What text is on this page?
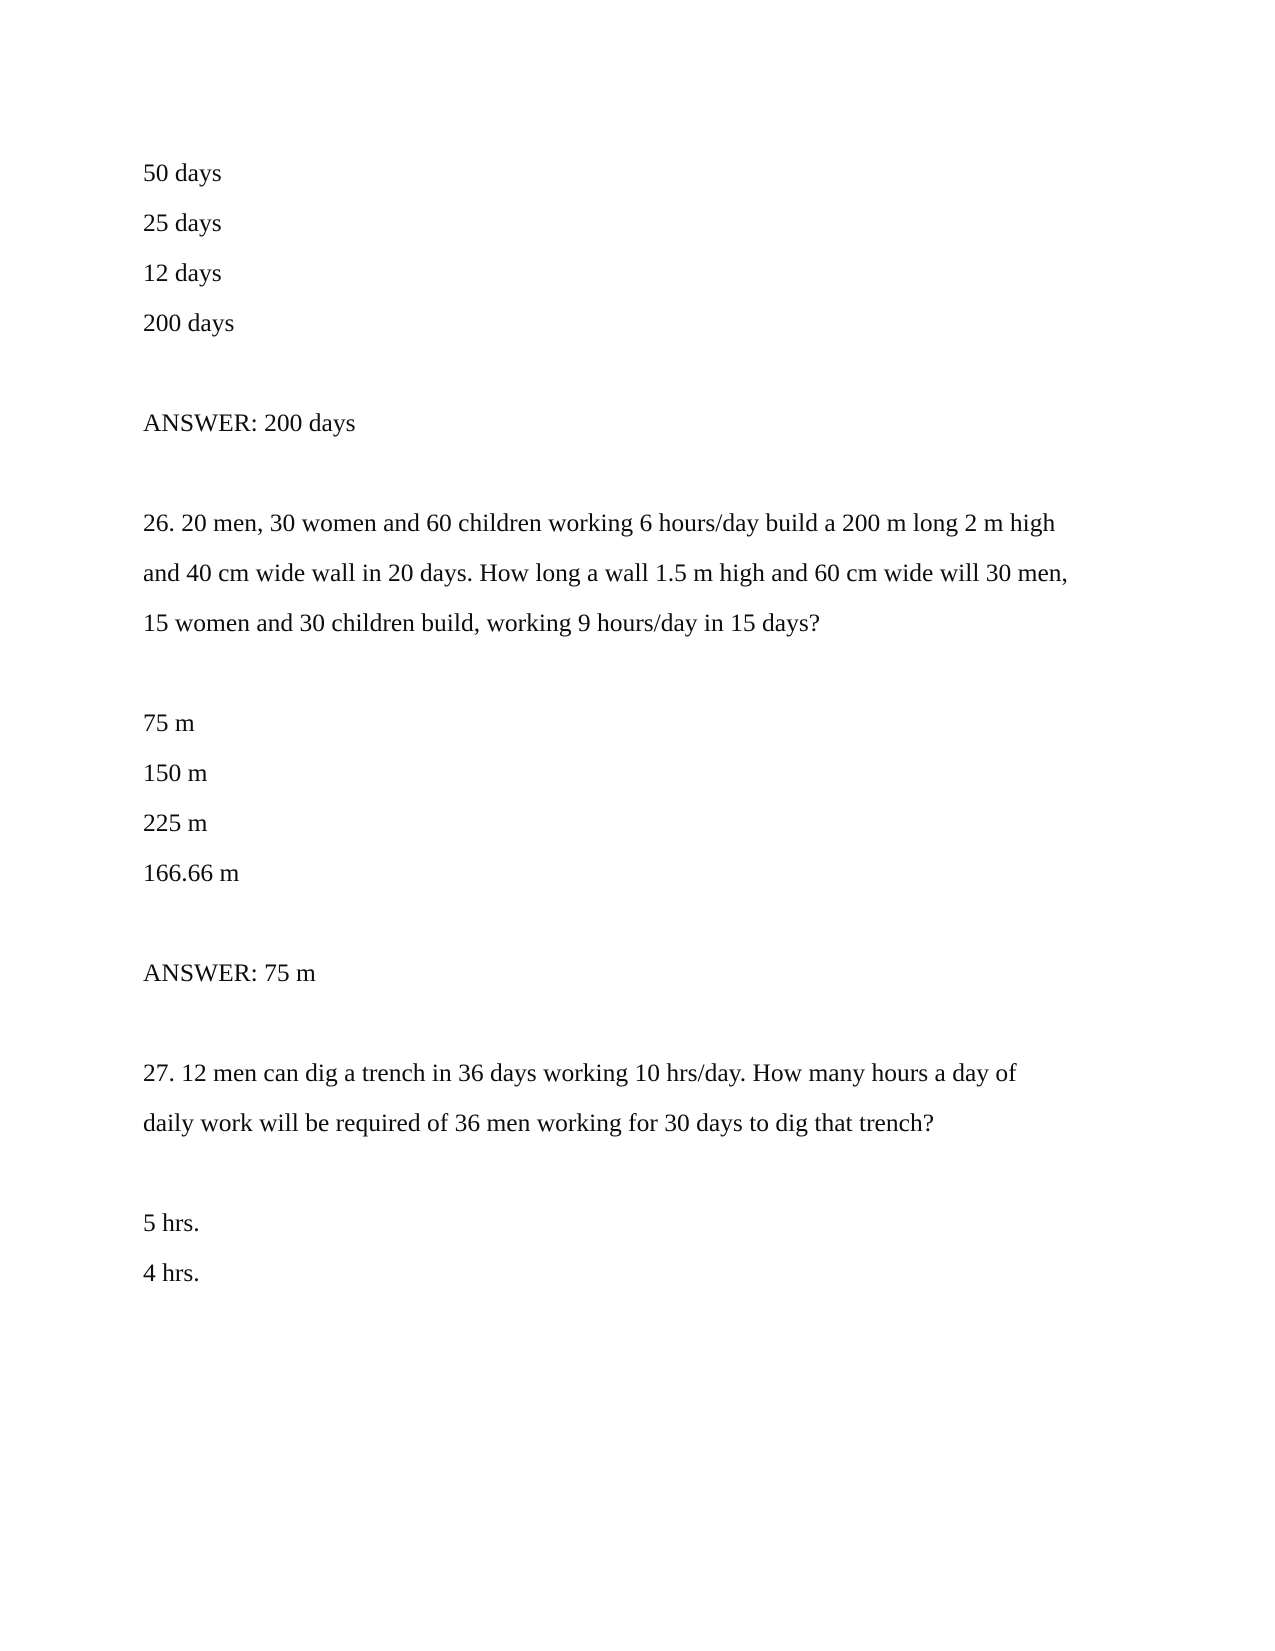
50 days
25 days
12 days
200 days

ANSWER: 200 days

26. 20 men, 30 women and 60 children working 6 hours/day build a 200 m long 2 m high and 40 cm wide wall in 20 days. How long a wall 1.5 m high and 60 cm wide will 30 men, 15 women and 30 children build, working 9 hours/day in 15 days?

75 m
150 m
225 m
166.66 m

ANSWER: 75 m

27. 12 men can dig a trench in 36 days working 10 hrs/day. How many hours a day of daily work will be required of 36 men working for 30 days to dig that trench?

5 hrs.
4 hrs.
